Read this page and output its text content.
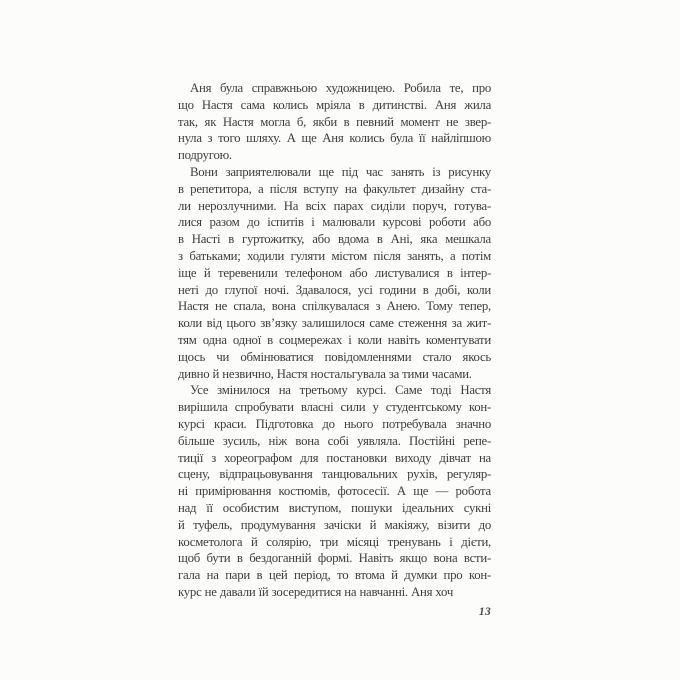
Аня була справжньою художницею. Робила те, про
що Настя сама колись мріяла в дитинстві. Аня жила
так, як Настя могла б, якби в певний момент не звер-
нула з того шляху. А ще Аня колись була її найліпшою
подругою.
Вони заприятелювали ще під час занять із рисунку
в репетитора, а після вступу на факультет дизайну ста-
ли нерозлучними. На всіх парах сиділи поруч, готува-
лися разом до іспитів і малювали курсові роботи або
в Насті в гуртожитку, або вдома в Ані, яка мешкала
з батьками; ходили гуляти містом після занять, а потім
іще й теревенили телефоном або листувалися в інтер-
неті до глупої ночі. Здавалося, усі години в добі, коли
Настя не спала, вона спілкувалася з Анею. Тому тепер,
коли від цього зв’язку залишилося саме стеження за жит-
тям одна одної в соцмережах і коли навіть коментувати
щось чи обмінюватися повідомленнями стало якось
дивно й незвично, Настя ностальгувала за тими часами.
Усе змінилося на третьому курсі. Саме тоді Настя
вирішила спробувати власні сили у студентському кон-
курсі краси. Підготовка до нього потребувала значно
більше зусиль, ніж вона собі уявляла. Постійні репе-
тиції з хореографом для постановки виходу дівчат на
сцену, відпрацьовування танцювальних рухів, регуляр-
ні примірювання костюмів, фотосесії. А ще — робота
над її особистим виступом, пошуки ідеальних сукні
й туфель, продумування зачіски й макіяжу, візити до
косметолога й солярію, три місяці тренувань і дієти,
щоб бути в бездоганній формі. Навіть якщо вона всти-
гала на пари в цей період, то втома й думки про кон-
курс не давали їй зосередитися на навчанні. Аня хоч
13
